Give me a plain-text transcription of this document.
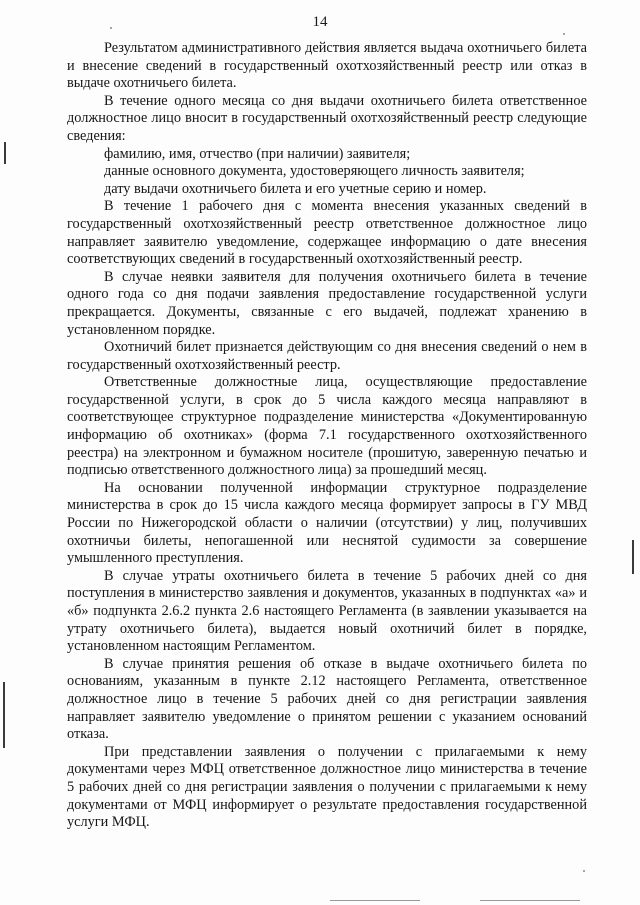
14

Результатом административного действия является выдача охотничьего билета и внесение сведений в государственный охотхозяйственный реестр или отказ в выдаче охотничьего билета.

В течение одного месяца со дня выдачи охотничьего билета ответственное должностное лицо вносит в государственный охотхозяйственный реестр следующие сведения:

фамилию, имя, отчество (при наличии) заявителя;

данные основного документа, удостоверяющего личность заявителя;

дату выдачи охотничьего билета и его учетные серию и номер.

В течение 1 рабочего дня с момента внесения указанных сведений в государственный охотхозяйственный реестр ответственное должностное лицо направляет заявителю уведомление, содержащее информацию о дате внесения соответствующих сведений в государственный охотхозяйственный реестр.

В случае неявки заявителя для получения охотничьего билета в течение одного года со дня подачи заявления предоставление государственной услуги прекращается. Документы, связанные с его выдачей, подлежат хранению в установленном порядке.

Охотничий билет признается действующим со дня внесения сведений о нем в государственный охотхозяйственный реестр.

Ответственные должностные лица, осуществляющие предоставление государственной услуги, в срок до 5 числа каждого месяца направляют в соответствующее структурное подразделение министерства «Документированную информацию об охотниках» (форма 7.1 государственного охотхозяйственного реестра) на электронном и бумажном носителе (прошитую, заверенную печатью и подписью ответственного должностного лица) за прошедший месяц.

На основании полученной информации структурное подразделение министерства в срок до 15 числа каждого месяца формирует запросы в ГУ МВД России по Нижегородской области о наличии (отсутствии) у лиц, получивших охотничьи билеты, непогашенной или неснятой судимости за совершение умышленного преступления.

В случае утраты охотничьего билета в течение 5 рабочих дней со дня поступления в министерство заявления и документов, указанных в подпунктах «а» и «б» подпункта 2.6.2 пункта 2.6 настоящего Регламента (в заявлении указывается на утрату охотничьего билета), выдается новый охотничий билет в порядке, установленном настоящим Регламентом.

В случае принятия решения об отказе в выдаче охотничьего билета по основаниям, указанным в пункте 2.12 настоящего Регламента, ответственное должностное лицо в течение 5 рабочих дней со дня регистрации заявления направляет заявителю уведомление о принятом решении с указанием оснований отказа.

При представлении заявления о получении с прилагаемыми к нему документами через МФЦ ответственное должностное лицо министерства в течение 5 рабочих дней со дня регистрации заявления о получении с прилагаемыми к нему документами от МФЦ информирует о результате предоставления государственной услуги МФЦ.
